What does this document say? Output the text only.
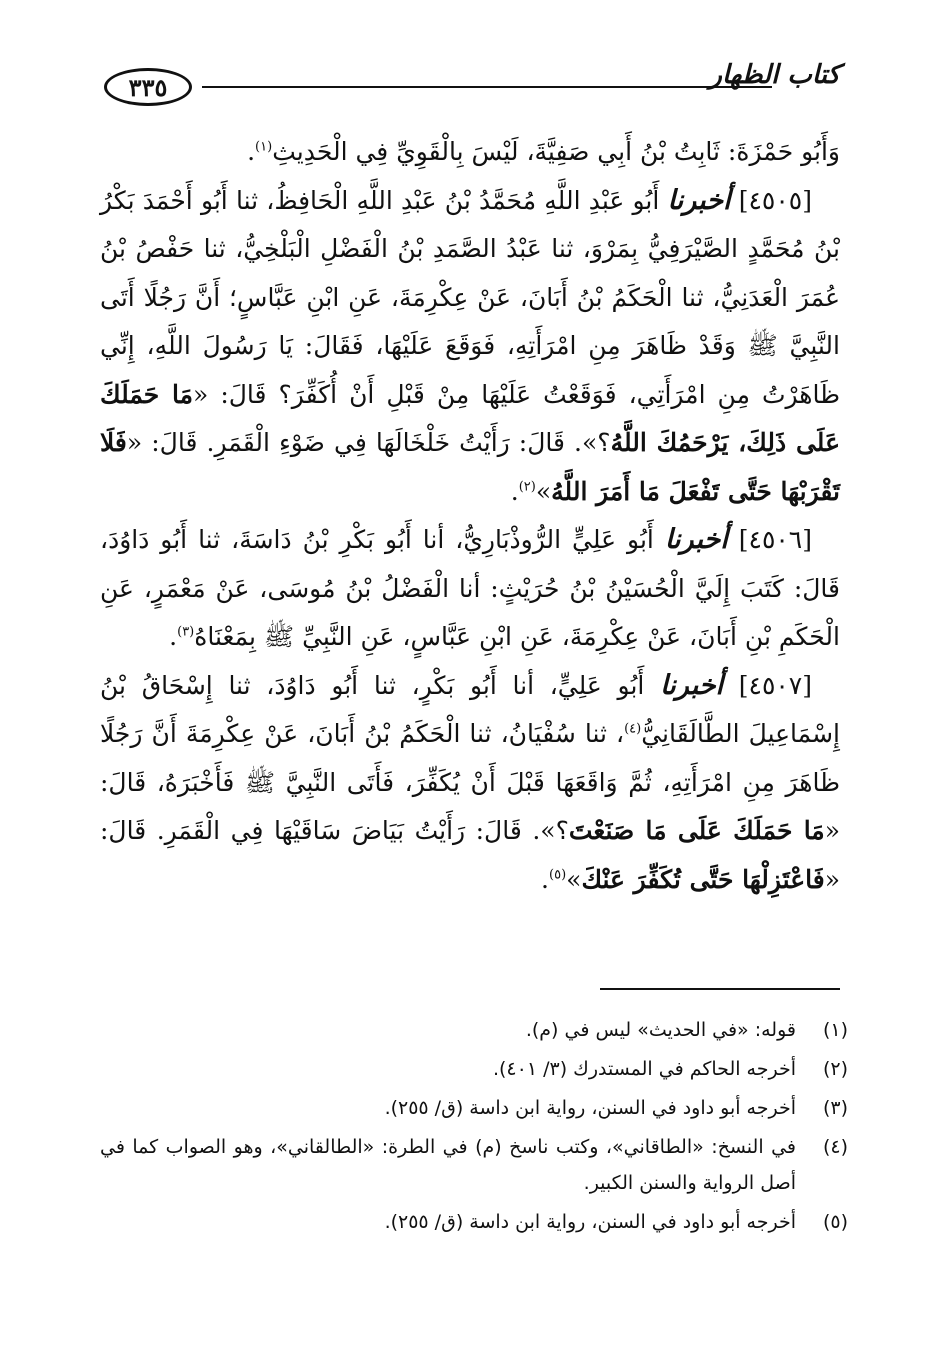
٣٣٥	كتاب الظهار

وَأَبُو حَمْزَةَ: ثَابِتُ بْنُ أَبِي صَفِيَّةَ، لَيْسَ بِالْقَوِيِّ فِي الْحَدِيثِ$^{(١)}$.

[٤٥٠٥] أخبرنا أَبُو عَبْدِ اللَّهِ مُحَمَّدُ بْنُ عَبْدِ اللَّهِ الْحَافِظُ، ثنا أَبُو أَحْمَدَ بَكْرُ بْنُ مُحَمَّدٍ الصَّيْرَفِيُّ بِمَرْوَ، ثنا عَبْدُ الصَّمَدِ بْنُ الْفَضْلِ الْبَلْخِيُّ، ثنا حَفْصُ بْنُ عُمَرَ الْعَدَنِيُّ، ثنا الْحَكَمُ بْنُ أَبَانَ، عَنْ عِكْرِمَةَ، عَنِ ابْنِ عَبَّاسٍ؛ أَنَّ رَجُلًا أَتَى النَّبِيَّ ﷺ وَقَدْ ظَاهَرَ مِنِ امْرَأَتِهِ، فَوَقَعَ عَلَيْهَا، فَقَالَ: يَا رَسُولَ اللَّهِ، إِنِّي ظَاهَرْتُ مِنِ امْرَأَتِي، فَوَقَعْتُ عَلَيْهَا مِنْ قَبْلِ أَنْ أُكَفِّرَ؟ قَالَ: «مَا حَمَلَكَ عَلَى ذَلِكَ، يَرْحَمُكَ اللَّهُ؟». قَالَ: رَأَيْتُ خَلْخَالَهَا فِي ضَوْءِ الْقَمَرِ. قَالَ: «فَلَا تَقْرَبْهَا حَتَّى تَفْعَلَ مَا أَمَرَ اللَّهُ»$^{(٢)}$.

[٤٥٠٦] أخبرنا أَبُو عَلِيٍّ الرُّوذْبَارِيُّ، أنا أَبُو بَكْرِ بْنُ دَاسَةَ، ثنا أَبُو دَاوُدَ، قَالَ: كَتَبَ إِلَيَّ الْحُسَيْنُ بْنُ حُرَيْثٍ: أنا الْفَضْلُ بْنُ مُوسَى، عَنْ مَعْمَرٍ، عَنِ الْحَكَمِ بْنِ أَبَانَ، عَنْ عِكْرِمَةَ، عَنِ ابْنِ عَبَّاسٍ، عَنِ النَّبِيِّ ﷺ بِمَعْنَاهُ$^{(٣)}$.

[٤٥٠٧] أخبرنا أَبُو عَلِيٍّ، أنا أَبُو بَكْرٍ، ثنا أَبُو دَاوُدَ، ثنا إِسْحَاقُ بْنُ إِسْمَاعِيلَ الطَّالَقَانِيُّ$^{(٤)}$، ثنا سُفْيَانُ، ثنا الْحَكَمُ بْنُ أَبَانَ، عَنْ عِكْرِمَةَ أَنَّ رَجُلًا ظَاهَرَ مِنِ امْرَأَتِهِ، ثُمَّ وَاقَعَهَا قَبْلَ أَنْ يُكَفِّرَ، فَأَتَى النَّبِيَّ ﷺ فَأَخْبَرَهُ، قَالَ: «مَا حَمَلَكَ عَلَى مَا صَنَعْتَ؟». قَالَ: رَأَيْتُ بَيَاضَ سَاقَيْهَا فِي الْقَمَرِ. قَالَ: «فَاعْتَزِلْهَا حَتَّى تُكَفِّرَ عَنْكَ»$^{(٥)}$.

(١)
قوله: «في الحديث» ليس في (م).
(٢)
أخرجه الحاكم في المستدرك (٣/ ٤٠١).
(٣)
أخرجه أبو داود في السنن، رواية ابن داسة (ق/ ٢٥٥).
(٤)
في النسخ: «الطاقاني»، وكتب ناسخ (م) في الطرة: «الطالقاني»، وهو الصواب كما في أصل الرواية والسنن الكبير.
(٥)
أخرجه أبو داود في السنن، رواية ابن داسة (ق/ ٢٥٥).
